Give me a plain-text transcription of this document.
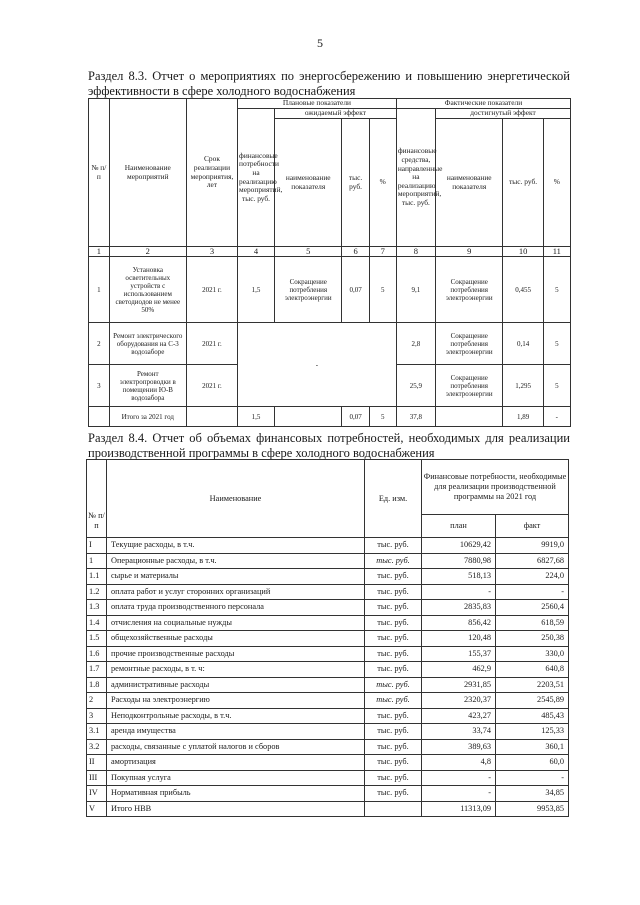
5
Раздел 8.3. Отчет о мероприятиях по энергосбережению и повышению энергетической эффективности в сфере холодного водоснабжения
№ п/п	Наименование мероприятий	Срок реализации мероприятия, лет	Плановые показатели				Фактические показатели			
			финансовые потребности на реализацию мероприятий, тыс. руб.	ожидаемый эффект			финансовые средства, направленные на реализацию мероприятий, тыс. руб.	достигнутый эффект		
				наименование показателя	тыс. руб.	%		наименование показателя	тыс. руб.	%

1	2	3	4	5	6	7	8	9	10	11
1	Установка осветительных устройств с использованием светодиодов не менее 50%	2021 г.	1,5	Сокращение потребления электроэнергии	0,07	5	9,1	Сокращение потребления электроэнергии	0,455	5
2	Ремонт электрического оборудования на С-3 водозаборе	2021 г.	-				2,8	Сокращение потребления электроэнергии	0,14	5
3	Ремонт электропроводки в помещении Ю-В водозабора	2021 г.					25,9	Сокращение потребления электроэнергии	1,295	5
	Итого за 2021 год		1,5		0,07	5	37,8		1,89	-
Раздел 8.4. Отчет об объемах финансовых потребностей, необходимых для реализации производственной программы в сфере холодного водоснабжения
№ п/п	Наименование	Ед. изм.	Финансовые потребности, необходимые для реализации производственной программы на 2021 год	
			план	факт
I	Текущие расходы, в т.ч.	тыс. руб.	10629,42	9919,0
1	Операционные расходы, в т.ч.	тыс. руб.	7880,98	6827,68
1.1	сырье и материалы	тыс. руб.	518,13	224,0
1.2	оплата работ и услуг сторонних организаций	тыс. руб.	-	-
1.3	оплата труда производственного персонала	тыс. руб.	2835,83	2560,4
1.4	отчисления на социальные нужды	тыс. руб.	856,42	618,59
1.5	общехозяйственные расходы	тыс. руб.	120,48	250,38
1.6	прочие производственные расходы	тыс. руб.	155,37	330,0
1.7	ремонтные расходы, в т. ч:	тыс. руб.	462,9	640,8
1.8	административные расходы	тыс. руб.	2931,85	2203,51
2	Расходы на электроэнергию	тыс. руб.	2320,37	2545,89
3	Неподконтрольные расходы, в т.ч.	тыс. руб.	423,27	485,43
3.1	аренда имущества	тыс. руб.	33,74	125,33
3.2	расходы, связанные с уплатой налогов и сборов	тыс. руб.	389,63	360,1
II	амортизация	тыс. руб.	4,8	60,0
III	Покупная услуга	тыс. руб.	-	-
IV	Нормативная прибыль	тыс. руб.	-	34,85
V	Итого НВВ		11313,09	9953,85
